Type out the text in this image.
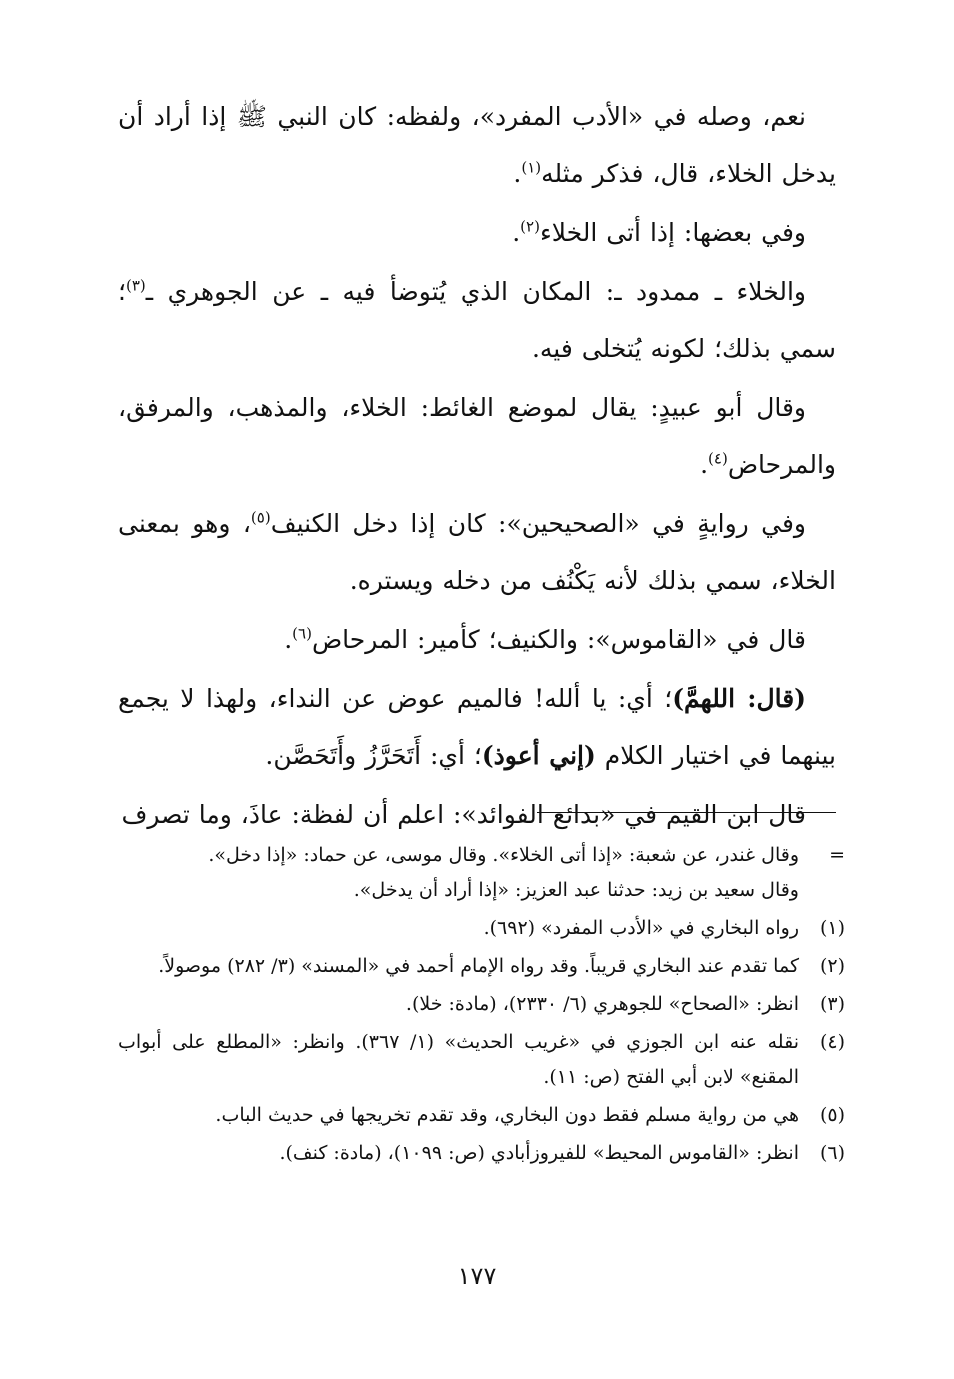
نعم، وصله في «الأدب المفرد»، ولفظه: كان النبي ﷺ إذا أراد أن يدخل الخلاء، قال، فذكر مثله$^{(١)}$.

وفي بعضها: إذا أتى الخلاء$^{(٢)}$.

والخلاء ـ ممدود ـ: المكان الذي يُتوضأ فيه ـ عن الجوهري ـ$^{(٣)}$؛ سمي بذلك؛ لكونه يُتخلى فيه.

وقال أبو عبيدٍ: يقال لموضع الغائط: الخلاء، والمذهب، والمرفق، والمرحاض$^{(٤)}$.

وفي روايةٍ في «الصحيحين»: كان إذا دخل الكنيف$^{(٥)}$، وهو بمعنى الخلاء، سمي بذلك لأنه يَكْنُف من دخله ويستره.

قال في «القاموس»: والكنيف؛ كأمير: المرحاض$^{(٦)}$.

(قال: اللهمَّ)؛ أي: يا ألله! فالميم عوض عن النداء، ولهذا لا يجمع بينهما في اختيار الكلام (إني أعوذ)؛ أي: أَتَحَرَّزُ وأَتَحَصَّن.

قال ابن القيم في «بدائع الفوائد»: اعلم أن لفظة: عاذَ، وما تصرف

=
وقال غندر، عن شعبة: «إذا أتى الخلاء». وقال موسى، عن حماد: «إذا دخل».
وقال سعيد بن زيد: حدثنا عبد العزيز: «إذا أراد أن يدخل».
(١)
رواه البخاري في «الأدب المفرد» (٦٩٢).
(٢)
كما تقدم عند البخاري قريباً. وقد رواه الإمام أحمد في «المسند» (٣/ ٢٨٢) موصولاً.
(٣)
انظر: «الصحاح» للجوهري (٦/ ٢٣٣٠)، (مادة: خلا).
(٤)
نقله عنه ابن الجوزي في «غريب الحديث» (١/ ٣٦٧). وانظر: «المطلع على أبواب المقنع» لابن أبي الفتح (ص: ١١).
(٥)
هي من رواية مسلم فقط دون البخاري، وقد تقدم تخريجها في حديث الباب.
(٦)
انظر: «القاموس المحيط» للفيروزأبادي (ص: ١٠٩٩)، (مادة: كنف).
١٧٧
